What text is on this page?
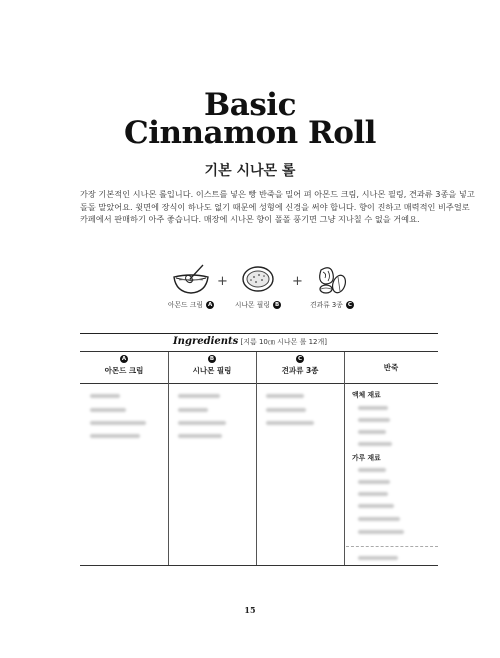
Basic
Cinnamon Roll
기본 시나몬 롤

가장 기본적인 시나몬 롤입니다. 이스트를 넣은 빵 반죽을 밀어 펴 아몬드 크림, 시나몬 필링, 견과류 3종을 넣고

돌돌 말았어요. 윗면에 장식이 하나도 없기 때문에 성형에 신경을 써야 합니다. 향이 진하고 매력적인 비주얼로

카페에서 판매하기 아주 좋습니다. 매장에 시나몬 향이 폴폴 풍기면 그냥 지나칠 수 없을 거예요.

아몬드 크림 A
+
시나몬 필링 B
+
견과류 3종 C
Ingredients [지름 10㎝ 시나몬 롤 12개]
A
아몬드 크림
B
시나몬 필링
C
견과류 3종	반죽
액체 재료
가루 재료
15
